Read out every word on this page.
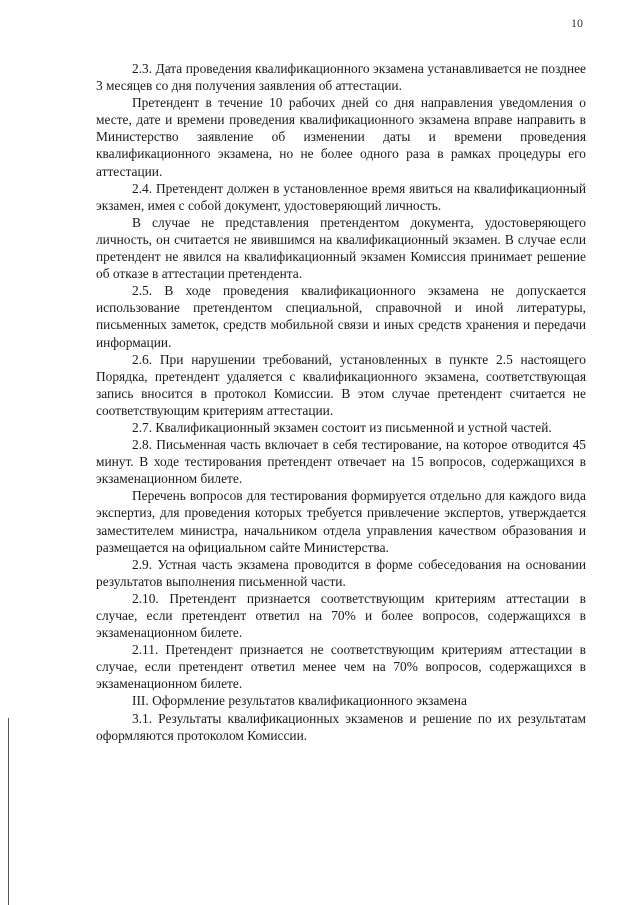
10

2.3. Дата проведения квалификационного экзамена устанавливается не позднее 3 месяцев со дня получения заявления об аттестации.

Претендент в течение 10 рабочих дней со дня направления уведомления о месте, дате и времени проведения квалификационного экзамена вправе направить в Министерство заявление об изменении даты и времени проведения квалификационного экзамена, но не более одного раза в рамках процедуры его аттестации.

2.4. Претендент должен в установленное время явиться на квалификационный экзамен, имея с собой документ, удостоверяющий личность.

В случае не представления претендентом документа, удостоверяющего личность, он считается не явившимся на квалификационный экзамен. В случае если претендент не явился на квалификационный экзамен Комиссия принимает решение об отказе в аттестации претендента.

2.5. В ходе проведения квалификационного экзамена не допускается использование претендентом специальной, справочной и иной литературы, письменных заметок, средств мобильной связи и иных средств хранения и передачи информации.

2.6. При нарушении требований, установленных в пункте 2.5 настоящего Порядка, претендент удаляется с квалификационного экзамена, соответствующая запись вносится в протокол Комиссии. В этом случае претендент считается не соответствующим критериям аттестации.

2.7. Квалификационный экзамен состоит из письменной и устной частей.

2.8. Письменная часть включает в себя тестирование, на которое отводится 45 минут. В ходе тестирования претендент отвечает на 15 вопросов, содержащихся в экзаменационном билете.

Перечень вопросов для тестирования формируется отдельно для каждого вида экспертиз, для проведения которых требуется привлечение экспертов, утверждается заместителем министра, начальником отдела управления качеством образования и размещается на официальном сайте Министерства.

2.9. Устная часть экзамена проводится в форме собеседования на основании результатов выполнения письменной части.

2.10. Претендент признается соответствующим критериям аттестации в случае, если претендент ответил на 70% и более вопросов, содержащихся в экзаменационном билете.

2.11. Претендент признается не соответствующим критериям аттестации в случае, если претендент ответил менее чем на 70% вопросов, содержащихся в экзаменационном билете.

III. Оформление результатов квалификационного экзамена

3.1. Результаты квалификационных экзаменов и решение по их результатам оформляются протоколом Комиссии.
